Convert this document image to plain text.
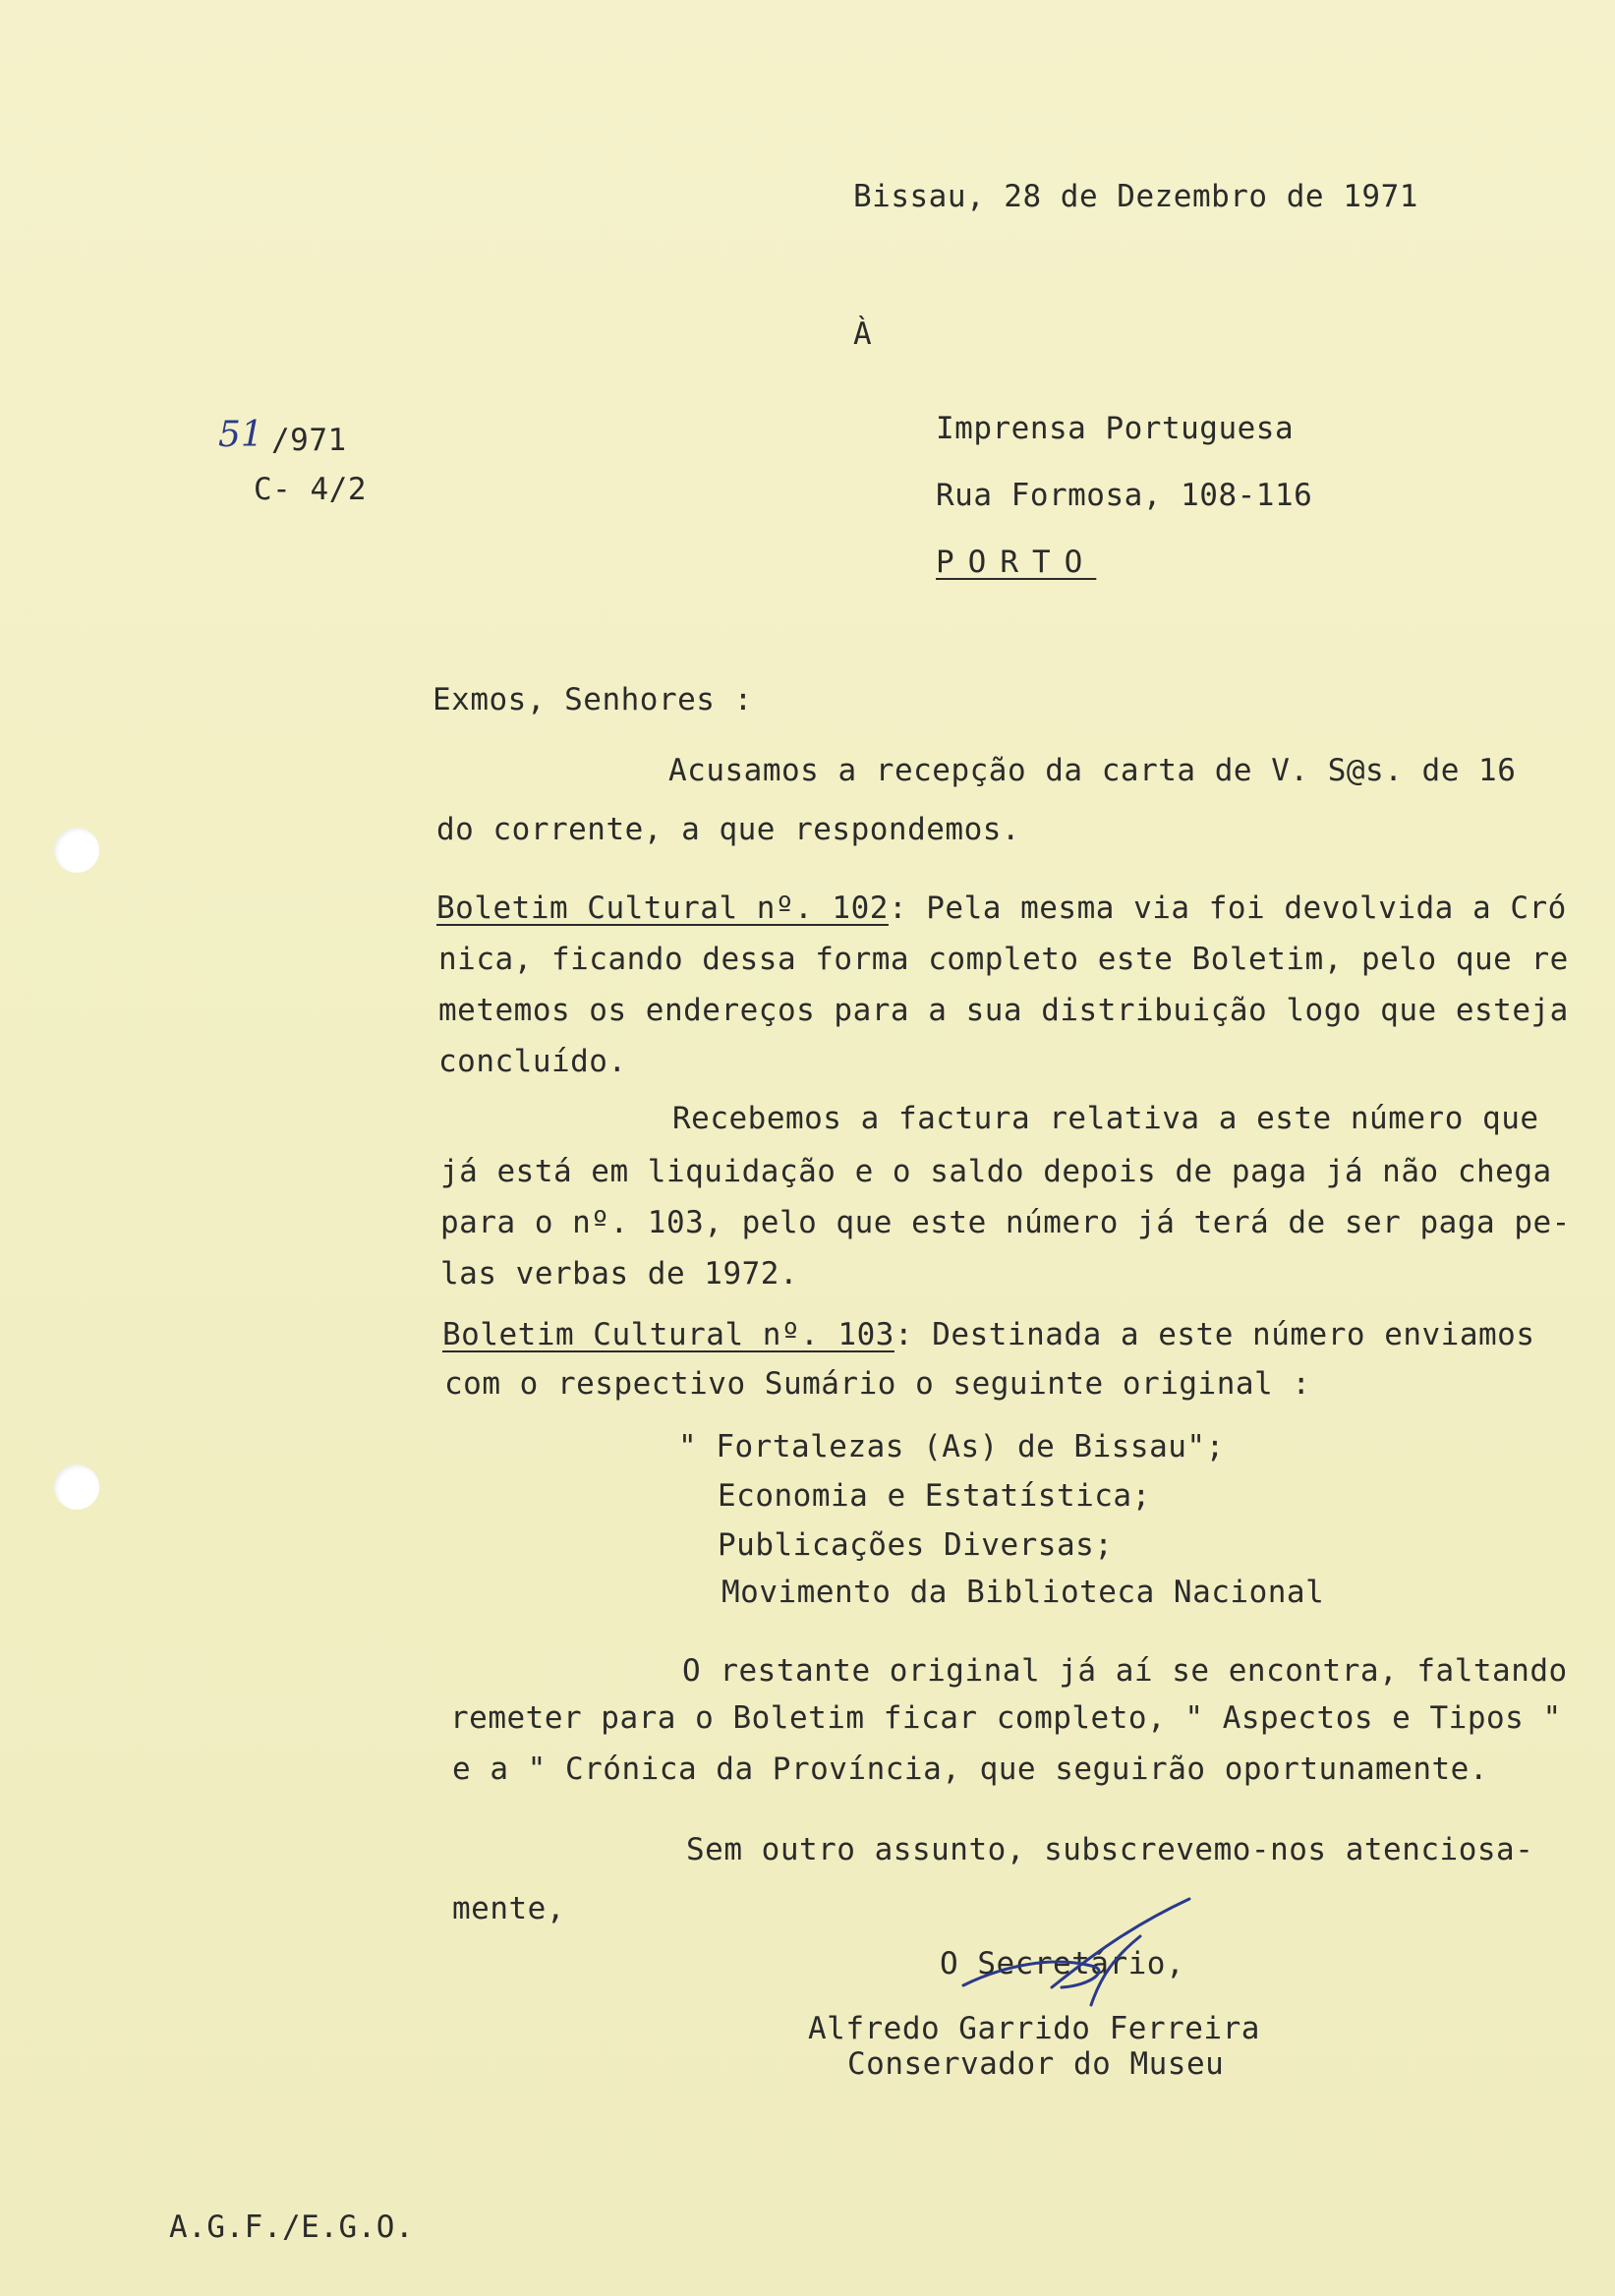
Bissau, 28 de Dezembro de 1971
À
51 /971
C- 4/2
Imprensa Portuguesa
Rua Formosa, 108-116
PORTO
Exmos, Senhores :
Acusamos a recepção da carta de V. S@s. de 16
do corrente, a que respondemos.
Boletim Cultural nº. 102: Pela mesma via foi devolvida a Cró
nica, ficando dessa forma completo este Boletim, pelo que re
metemos os endereços para a sua distribuição logo que esteja
concluído.
Recebemos a factura relativa a este número que
já está em liquidação e o saldo depois de paga já não chega
para o nº. 103, pelo que este número já terá de ser paga pe-
las verbas de 1972.
Boletim Cultural nº. 103: Destinada a este número enviamos
com o respectivo Sumário o seguinte original :
" Fortalezas (As) de Bissau";
Economia e Estatística;
Publicações Diversas;
Movimento da Biblioteca Nacional
O restante original já aí se encontra, faltando
remeter para o Boletim ficar completo, " Aspectos e Tipos "
e a " Crónica da Província, que seguirão oportunamente.
Sem outro assunto, subscrevemo-nos atenciosa-
mente,
O Secretário,
Alfredo Garrido Ferreira
Conservador do Museu
A.G.F./E.G.O.
